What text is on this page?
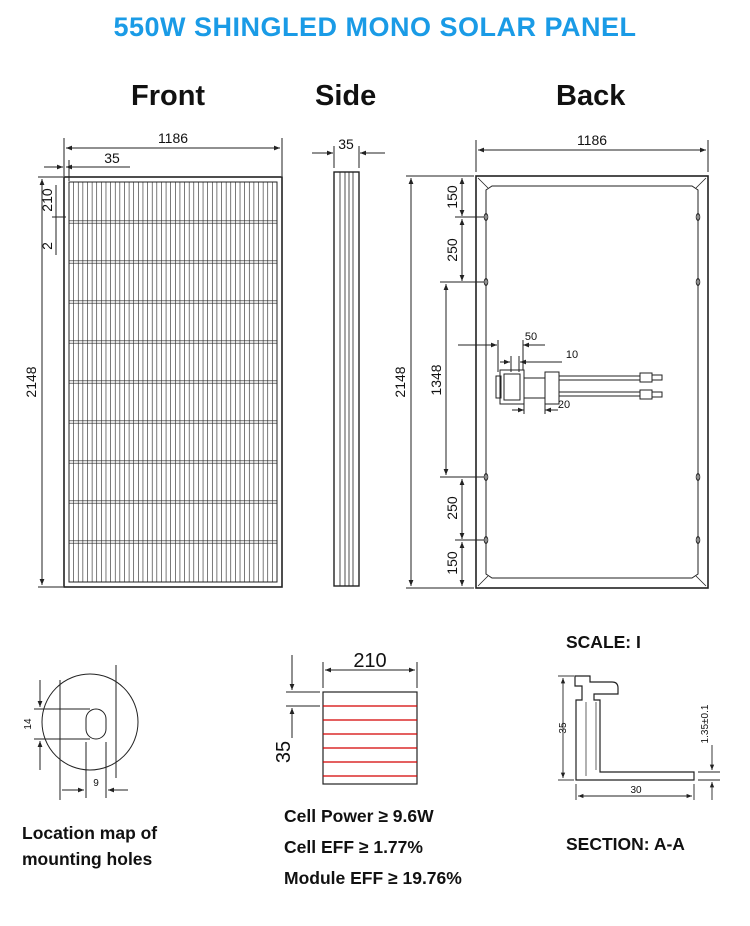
550W SHINGLED MONO SOLAR PANEL
Front	Side	Back
1186
35
210
2
2148
35	1186
2148
150
250
1348
250
150
50
10
20
14
9
210
35
35
30
1.35±0.1
SCALE: I
SECTION: A-A
Location map of
mounting holes
Cell Power ≥ 9.6W
Cell EFF ≥ 1.77%
Module EFF ≥ 19.76%
